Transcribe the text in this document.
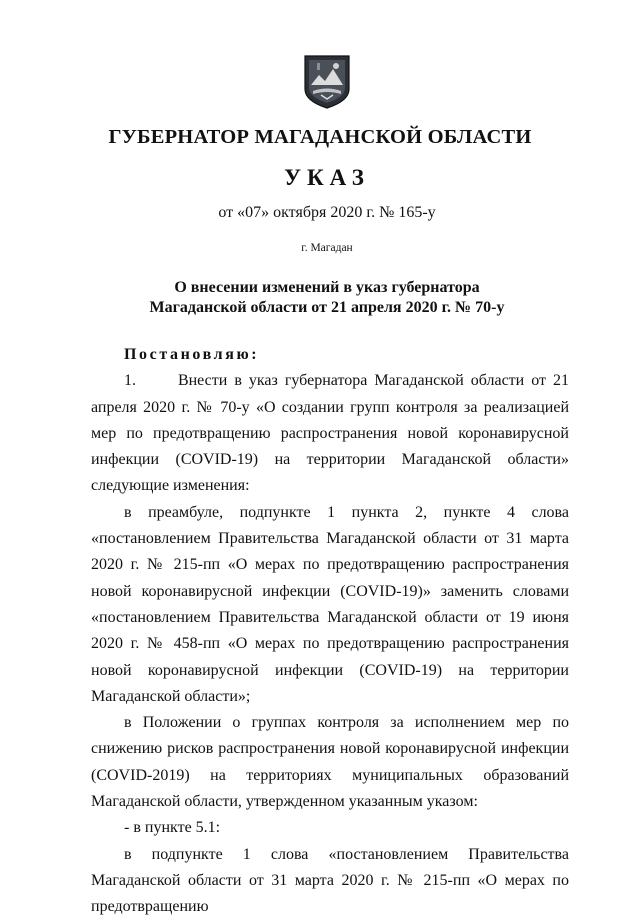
ГУБЕРНАТОР МАГАДАНСКОЙ ОБЛАСТИ
УКАЗ
от «07» октября 2020 г. № 165-у
г. Магадан
О внесении изменений в указ губернатора
Магаданской области от 21 апреля 2020 г. № 70-у
Постановляю:

1.      Внести в указ губернатора Магаданской области от 21 апреля 2020 г. № 70-у «О создании групп контроля за реализацией мер по предотвращению распространения новой коронавирусной инфекции (COVID-19) на территории Магаданской области» следующие изменения:

в преамбуле, подпункте 1 пункта 2, пункте 4 слова «постановлением Правительства Магаданской области от 31 марта 2020 г. № 215-пп «О мерах по предотвращению распространения новой коронавирусной инфекции (COVID-19)» заменить словами «постановлением Правительства Магаданской области от 19 июня 2020 г. № 458-пп «О мерах по предотвращению распространения новой коронавирусной инфекции (COVID-19) на территории Магаданской области»;

в Положении о группах контроля за исполнением мер по снижению рисков распространения новой коронавирусной инфекции (COVID-2019) на территориях муниципальных образований Магаданской области, утвержденном указанным указом:

- в пункте 5.1:

в подпункте 1 слова «постановлением Правительства Магаданской области от 31 марта 2020 г. № 215-пп «О мерах по предотвращению
